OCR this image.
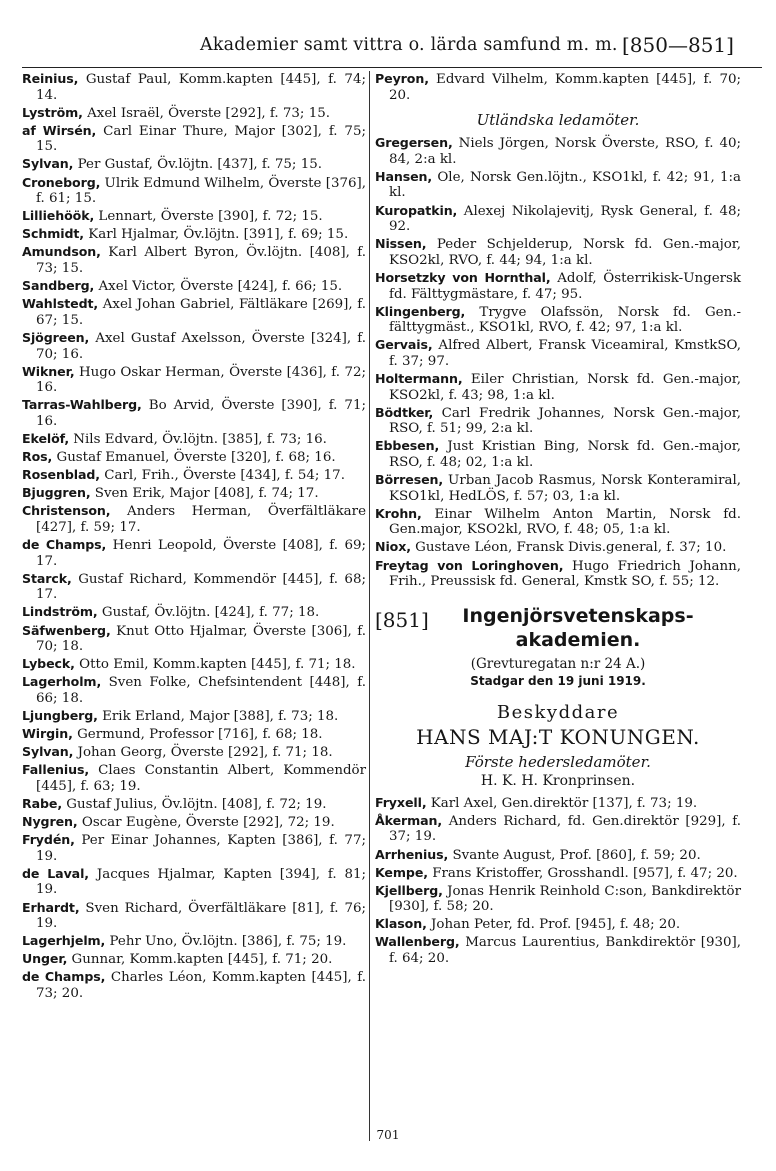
Akademier samt vittra o. lärda samfund m. m. [850—851]
Reinius, Gustaf Paul, Komm.kapten [445], f. 74; 14.
Lyström, Axel Israël, Överste [292], f. 73; 15.
af Wirsén, Carl Einar Thure, Major [302], f. 75; 15.
Sylvan, Per Gustaf, Öv.löjtn. [437], f. 75; 15.
Croneborg, Ulrik Edmund Wilhelm, Överste [376], f. 61; 15.
Lilliehöök, Lennart, Överste [390], f. 72; 15.
Schmidt, Karl Hjalmar, Öv.löjtn. [391], f. 69; 15.
Amundson, Karl Albert Byron, Öv.löjtn. [408], f. 73; 15.
Sandberg, Axel Victor, Överste [424], f. 66; 15.
Wahlstedt, Axel Johan Gabriel, Fältläkare [269], f. 67; 15.
Sjögreen, Axel Gustaf Axelsson, Överste [324], f. 70; 16.
Wikner, Hugo Oskar Herman, Överste [436], f. 72; 16.
Tarras-Wahlberg, Bo Arvid, Överste [390], f. 71; 16.
Ekelöf, Nils Edvard, Öv.löjtn. [385], f. 73; 16.
Ros, Gustaf Emanuel, Överste [320], f. 68; 16.
Rosenblad, Carl, Frih., Överste [434], f. 54; 17.
Bjuggren, Sven Erik, Major [408], f. 74; 17.
Christenson, Anders Herman, Överfältläkare [427], f. 59; 17.
de Champs, Henri Leopold, Överste [408], f. 69; 17.
Starck, Gustaf Richard, Kommendör [445], f. 68; 17.
Lindström, Gustaf, Öv.löjtn. [424], f. 77; 18.
Säfwenberg, Knut Otto Hjalmar, Överste [306], f. 70; 18.
Lybeck, Otto Emil, Komm.kapten [445], f. 71; 18.
Lagerholm, Sven Folke, Chefsintendent [448], f. 66; 18.
Ljungberg, Erik Erland, Major [388], f. 73; 18.
Wirgin, Germund, Professor [716], f. 68; 18.
Sylvan, Johan Georg, Överste [292], f. 71; 18.
Fallenius, Claes Constantin Albert, Kommendör [445], f. 63; 19.
Rabe, Gustaf Julius, Öv.löjtn. [408], f. 72; 19.
Nygren, Oscar Eugène, Överste [292], 72; 19.
Frydén, Per Einar Johannes, Kapten [386], f. 77; 19.
de Laval, Jacques Hjalmar, Kapten [394], f. 81; 19.
Erhardt, Sven Richard, Överfältläkare [81], f. 76; 19.
Lagerhjelm, Pehr Uno, Öv.löjtn. [386], f. 75; 19.
Unger, Gunnar, Komm.kapten [445], f. 71; 20.
de Champs, Charles Léon, Komm.kapten [445], f. 73; 20.
Peyron, Edvard Vilhelm, Komm.kapten [445], f. 70; 20.
Utländska ledamöter.
Gregersen, Niels Jörgen, Norsk Överste, RSO, f. 40; 84, 2:a kl.
Hansen, Ole, Norsk Gen.löjtn., KSO1kl, f. 42; 91, 1:a kl.
Kuropatkin, Alexej Nikolajevitj, Rysk General, f. 48; 92.
Nissen, Peder Schjelderup, Norsk fd. Gen.-major, KSO2kl, RVO, f. 44; 94, 1:a kl.
Horsetzky von Hornthal, Adolf, Österrikisk-Ungersk fd. Fälttygmästare, f. 47; 95.
Klingenberg, Trygve Olafssön, Norsk fd. Gen.-fälttygmäst., KSO1kl, RVO, f. 42; 97, 1:a kl.
Gervais, Alfred Albert, Fransk Viceamiral, KmstkSO, f. 37; 97.
Holtermann, Eiler Christian, Norsk fd. Gen.-major, KSO2kl, f. 43; 98, 1:a kl.
Bödtker, Carl Fredrik Johannes, Norsk Gen.-major, RSO, f. 51; 99, 2:a kl.
Ebbesen, Just Kristian Bing, Norsk fd. Gen.-major, RSO, f. 48; 02, 1:a kl.
Börresen, Urban Jacob Rasmus, Norsk Konteramiral, KSO1kl, HedLÖS, f. 57; 03, 1:a kl.
Krohn, Einar Wilhelm Anton Martin, Norsk fd. Gen.major, KSO2kl, RVO, f. 48; 05, 1:a kl.
Niox, Gustave Léon, Fransk Divis.general, f. 37; 10.
Freytag von Loringhoven, Hugo Friedrich Johann, Frih., Preussisk fd. General, Kmstk SO, f. 55; 12.
[851]	Ingenjörsvetenskaps-
akademien.
(Grevturegatan n:r 24 A.)
Stadgar den 19 juni 1919.
Beskyddare
HANS MAJ:T KONUNGEN.
Förste hedersledamöter.
H. K. H. Kronprinsen.
Fryxell, Karl Axel, Gen.direktör [137], f. 73; 19.
Åkerman, Anders Richard, fd. Gen.direktör [929], f. 37; 19.
Arrhenius, Svante August, Prof. [860], f. 59; 20.
Kempe, Frans Kristoffer, Grosshandl. [957], f. 47; 20.
Kjellberg, Jonas Henrik Reinhold C:son, Bankdirektör [930], f. 58; 20.
Klason, Johan Peter, fd. Prof. [945], f. 48; 20.
Wallenberg, Marcus Laurentius, Bankdirektör [930], f. 64; 20.
701
